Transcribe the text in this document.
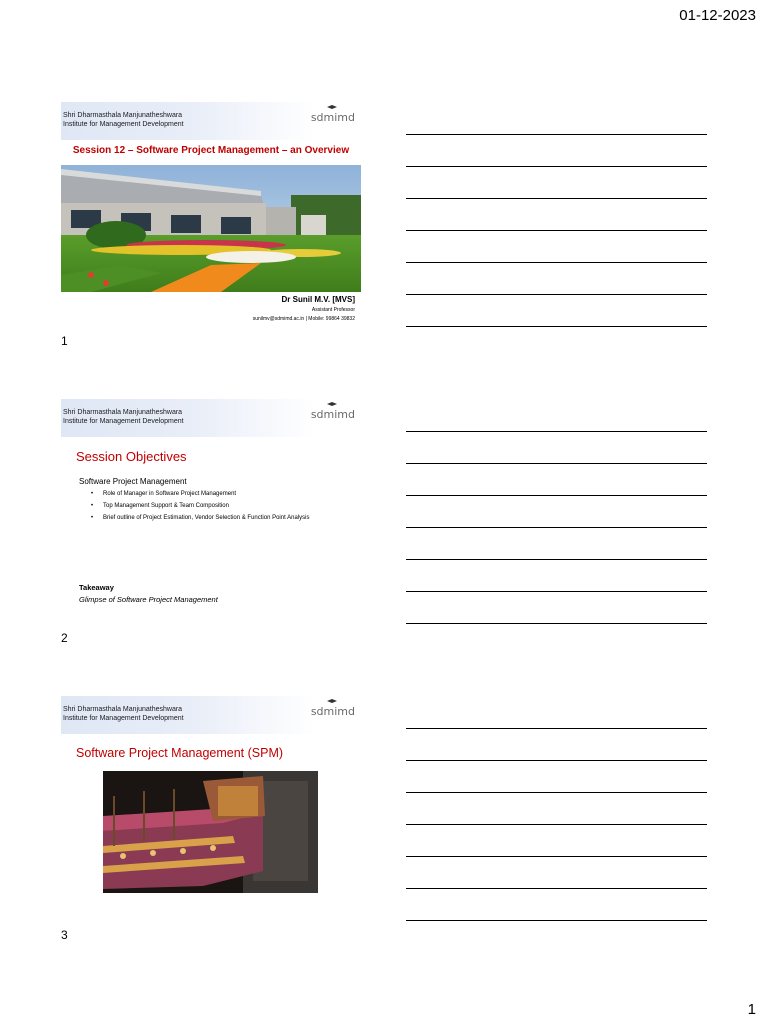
01-12-2023
Shri Dharmasthala Manjunatheshwara
Institute for Management Development
sdmimd
Session 12 – Software Project Management – an Overview
Dr Sunil M.V. [MVS]
Assistant Professor
sunilmv@sdmimd.ac.in | Mobile: 99864 39832
1
Shri Dharmasthala Manjunatheshwara
Institute for Management Development
sdmimd
Session Objectives
Software Project Management
• Role of Manager in Software Project Management
• Top Management Support & Team Composition
• Brief outline of Project Estimation, Vendor Selection & Function Point Analysis
Takeaway
Glimpse of Software Project Management
2
Shri Dharmasthala Manjunatheshwara
Institute for Management Development
sdmimd
Software Project Management (SPM)
3
1
